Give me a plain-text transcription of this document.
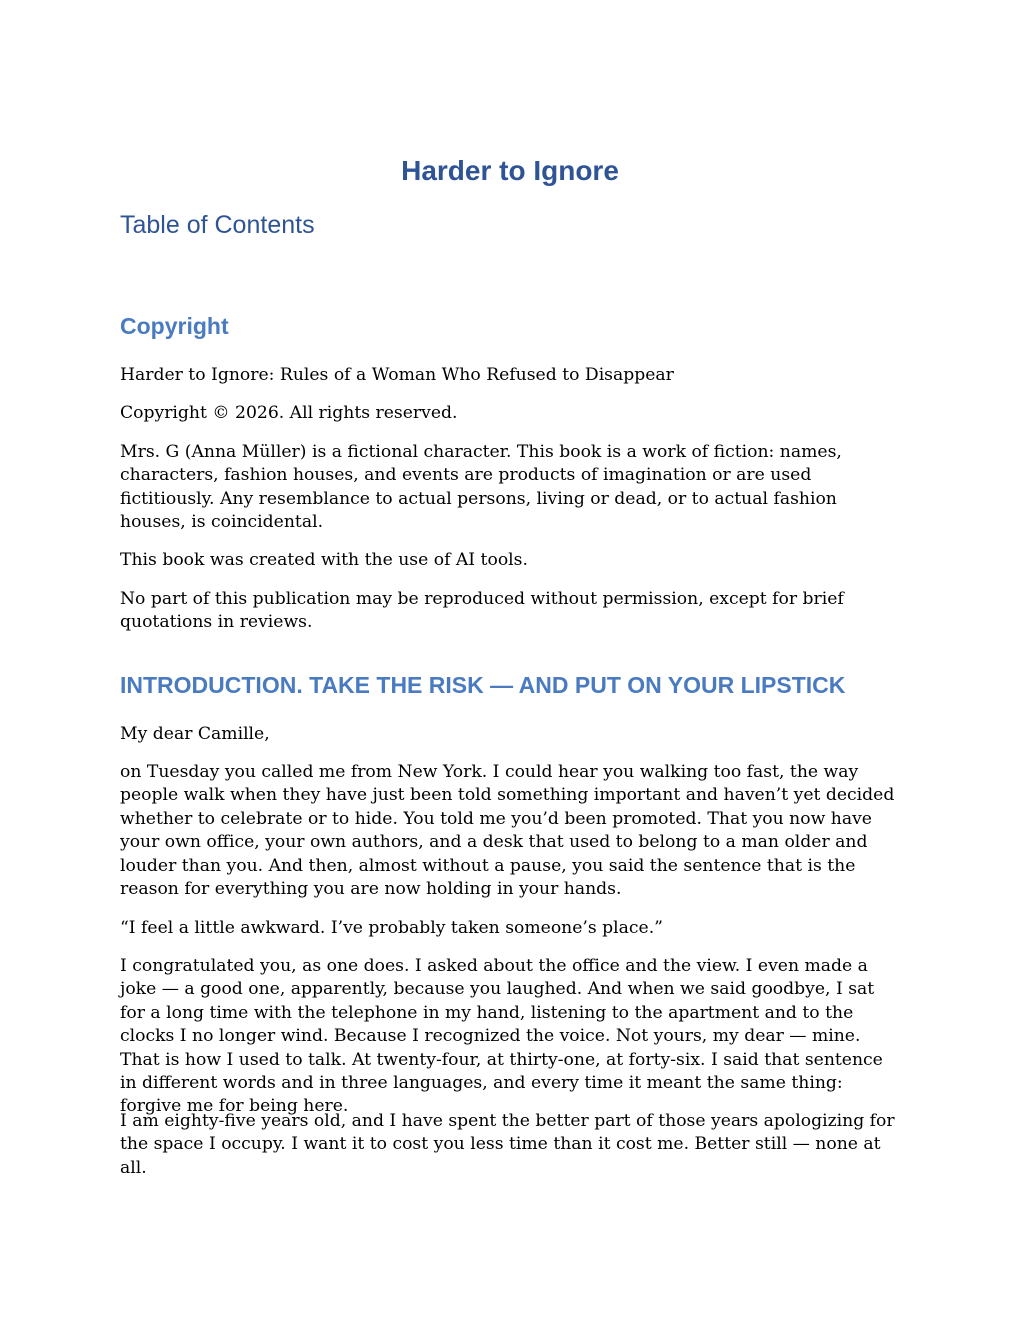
Harder to Ignore
Table of Contents
Copyright

Harder to Ignore: Rules of a Woman Who Refused to Disappear

Copyright © 2026. All rights reserved.

Mrs. G (Anna Müller) is a fictional character. This book is a work of fiction: names, characters, fashion houses, and events are products of imagination or are used fictitiously. Any resemblance to actual persons, living or dead, or to actual fashion houses, is coincidental.

This book was created with the use of AI tools.

No part of this publication may be reproduced without permission, except for brief quotations in reviews.

INTRODUCTION. TAKE THE RISK — AND PUT ON YOUR LIPSTICK

My dear Camille,

on Tuesday you called me from New York. I could hear you walking too fast, the way people walk when they have just been told something important and haven’t yet decided whether to celebrate or to hide. You told me you’d been promoted. That you now have your own office, your own authors, and a desk that used to belong to a man older and louder than you. And then, almost without a pause, you said the sentence that is the reason for everything you are now holding in your hands.

“I feel a little awkward. I’ve probably taken someone’s place.”

I congratulated you, as one does. I asked about the office and the view. I even made a joke — a good one, apparently, because you laughed. And when we said goodbye, I sat for a long time with the telephone in my hand, listening to the apartment and to the clocks I no longer wind. Because I recognized the voice. Not yours, my dear — mine. That is how I used to talk. At twenty-four, at thirty-one, at forty-six. I said that sentence in different words and in three languages, and every time it meant the same thing: forgive me for being here.

I am eighty-five years old, and I have spent the better part of those years apologizing for the space I occupy. I want it to cost you less time than it cost me. Better still — none at all.
